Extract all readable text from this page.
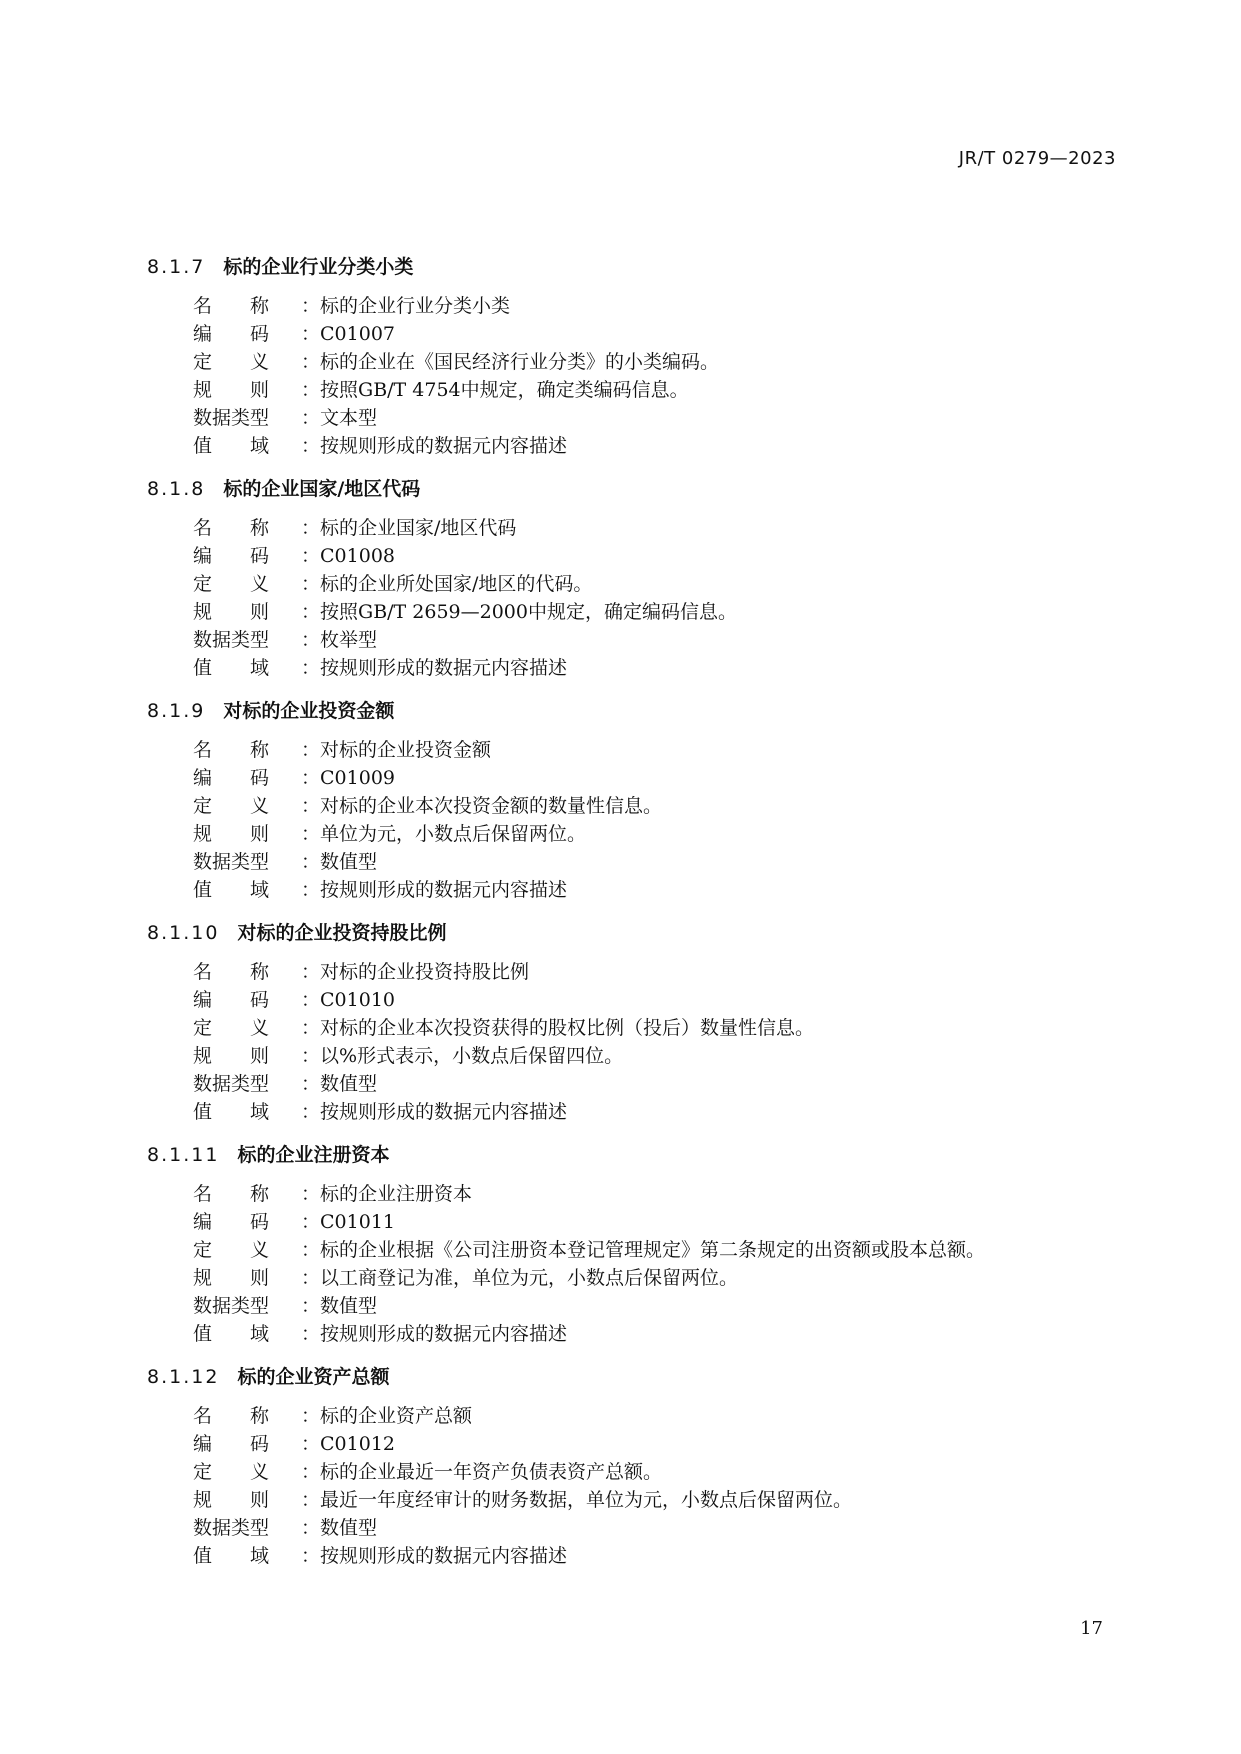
JR/T 0279—2023
8.1.7 标的企业行业分类小类
名　　称	： 标的企业行业分类小类
编　　码	： C01007
定　　义	： 标的企业在《国民经济行业分类》的小类编码。
规　　则	： 按照GB/T 4754中规定，确定类编码信息。
数据类型	： 文本型
值　　域	： 按规则形成的数据元内容描述
8.1.8 标的企业国家/地区代码
名　　称	： 标的企业国家/地区代码
编　　码	： C01008
定　　义	： 标的企业所处国家/地区的代码。
规　　则	： 按照GB/T 2659—2000中规定，确定编码信息。
数据类型	： 枚举型
值　　域	： 按规则形成的数据元内容描述
8.1.9 对标的企业投资金额
名　　称	： 对标的企业投资金额
编　　码	： C01009
定　　义	： 对标的企业本次投资金额的数量性信息。
规　　则	： 单位为元，小数点后保留两位。
数据类型	： 数值型
值　　域	： 按规则形成的数据元内容描述
8.1.10 对标的企业投资持股比例
名　　称	： 对标的企业投资持股比例
编　　码	： C01010
定　　义	： 对标的企业本次投资获得的股权比例（投后）数量性信息。
规　　则	： 以%形式表示，小数点后保留四位。
数据类型	： 数值型
值　　域	： 按规则形成的数据元内容描述
8.1.11 标的企业注册资本
名　　称	： 标的企业注册资本
编　　码	： C01011
定　　义	： 标的企业根据《公司注册资本登记管理规定》第二条规定的出资额或股本总额。
规　　则	： 以工商登记为准，单位为元，小数点后保留两位。
数据类型	： 数值型
值　　域	： 按规则形成的数据元内容描述
8.1.12 标的企业资产总额
名　　称	： 标的企业资产总额
编　　码	： C01012
定　　义	： 标的企业最近一年资产负债表资产总额。
规　　则	： 最近一年度经审计的财务数据，单位为元，小数点后保留两位。
数据类型	： 数值型
值　　域	： 按规则形成的数据元内容描述
17
